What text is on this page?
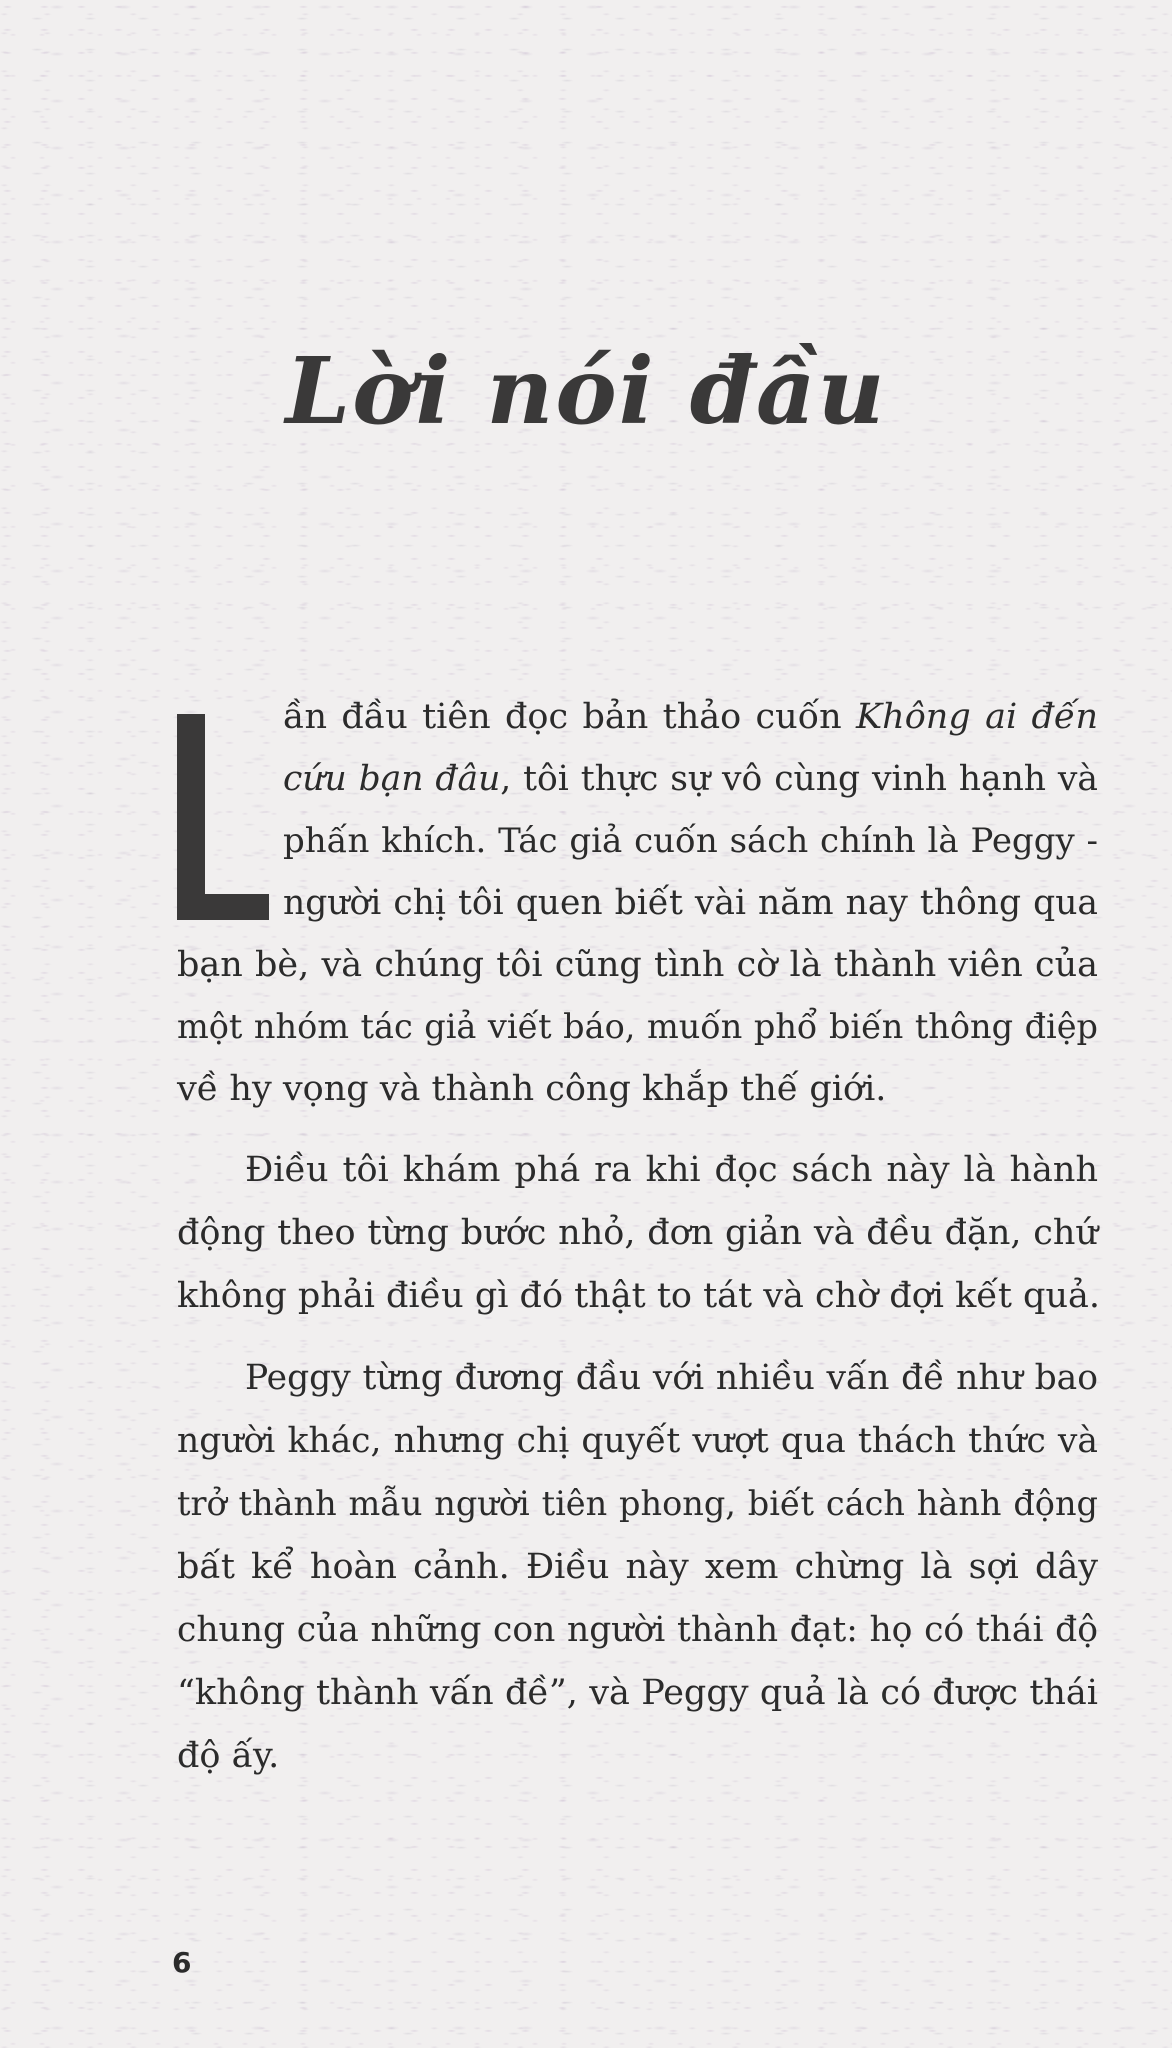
Lời nói đầu
ần đầu tiên đọc bản thảo cuốn Không ai đến
cứu bạn đâu, tôi thực sự vô cùng vinh hạnh và
phấn khích. Tác giả cuốn sách chính là Peggy -
người chị tôi quen biết vài năm nay thông qua
bạn bè, và chúng tôi cũng tình cờ là thành viên của
một nhóm tác giả viết báo, muốn phổ biến thông điệp
về hy vọng và thành công khắp thế giới.
Điều tôi khám phá ra khi đọc sách này là hành
động theo từng bước nhỏ, đơn giản và đều đặn, chứ
không phải điều gì đó thật to tát và chờ đợi kết quả.
Peggy từng đương đầu với nhiều vấn đề như bao
người khác, nhưng chị quyết vượt qua thách thức và
trở thành mẫu người tiên phong, biết cách hành động
bất kể hoàn cảnh. Điều này xem chừng là sợi dây
chung của những con người thành đạt: họ có thái độ
“không thành vấn đề”, và Peggy quả là có được thái
độ ấy.
6
